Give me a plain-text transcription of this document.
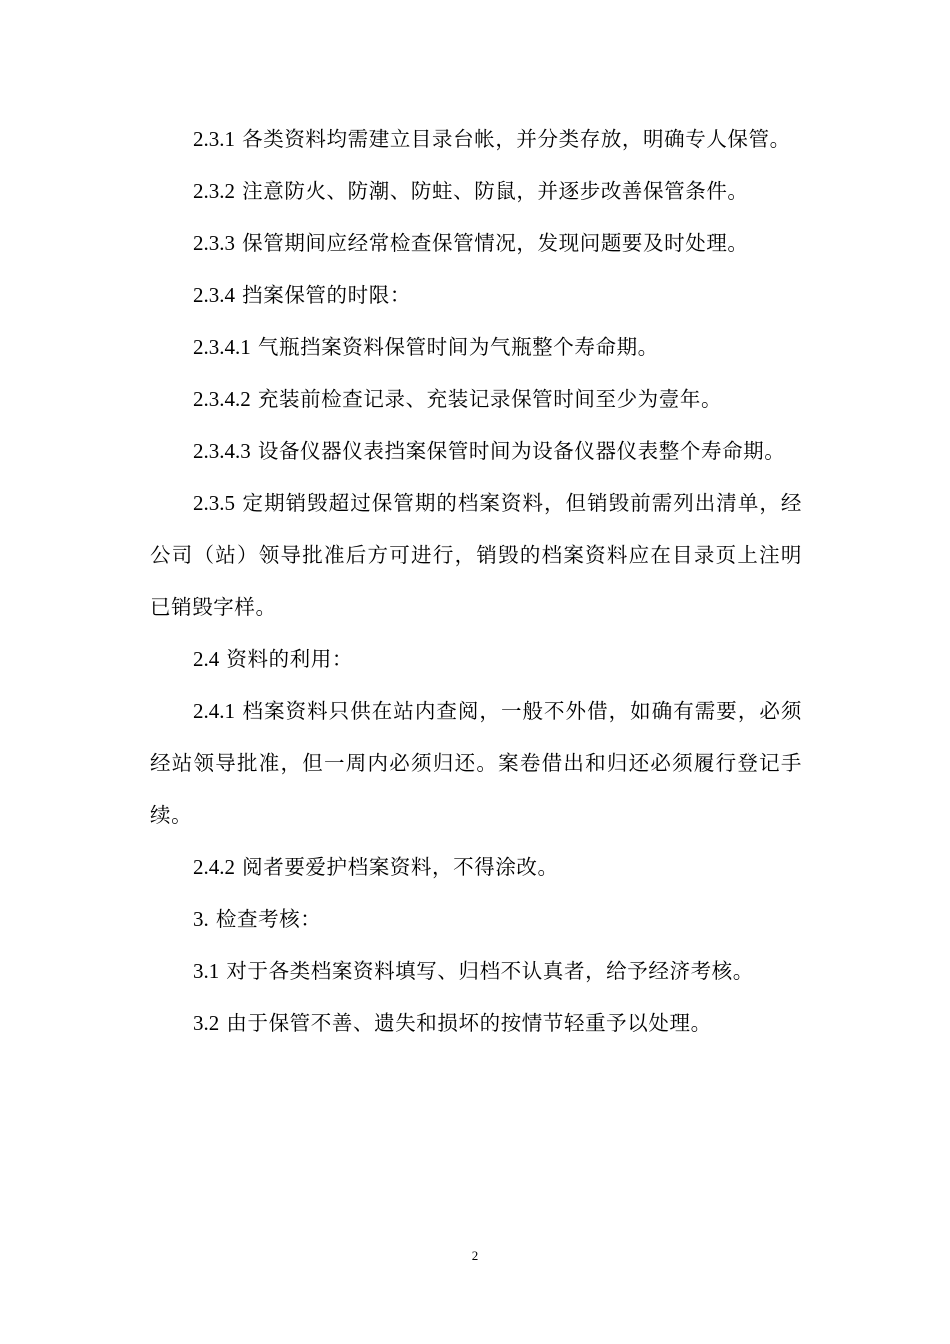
2.3.1 各类资料均需建立目录台帐，并分类存放，明确专人保管。

2.3.2 注意防火、防潮、防蛀、防鼠，并逐步改善保管条件。

2.3.3 保管期间应经常检查保管情况，发现问题要及时处理。

2.3.4 挡案保管的时限：

2.3.4.1 气瓶挡案资料保管时间为气瓶整个寿命期。

2.3.4.2 充装前检查记录、充装记录保管时间至少为壹年。

2.3.4.3 设备仪器仪表挡案保管时间为设备仪器仪表整个寿命期。

2.3.5 定期销毁超过保管期的档案资料，但销毁前需列出清单，经公司（站）领导批准后方可进行，销毁的档案资料应在目录页上注明已销毁字样。

2.4 资料的利用：

2.4.1 档案资料只供在站内查阅，一般不外借，如确有需要，必须经站领导批准，但一周内必须归还。案卷借出和归还必须履行登记手续。

2.4.2 阅者要爱护档案资料，不得涂改。

3. 检查考核：

3.1 对于各类档案资料填写、归档不认真者，给予经济考核。

3.2 由于保管不善、遗失和损坏的按情节轻重予以处理。

2
